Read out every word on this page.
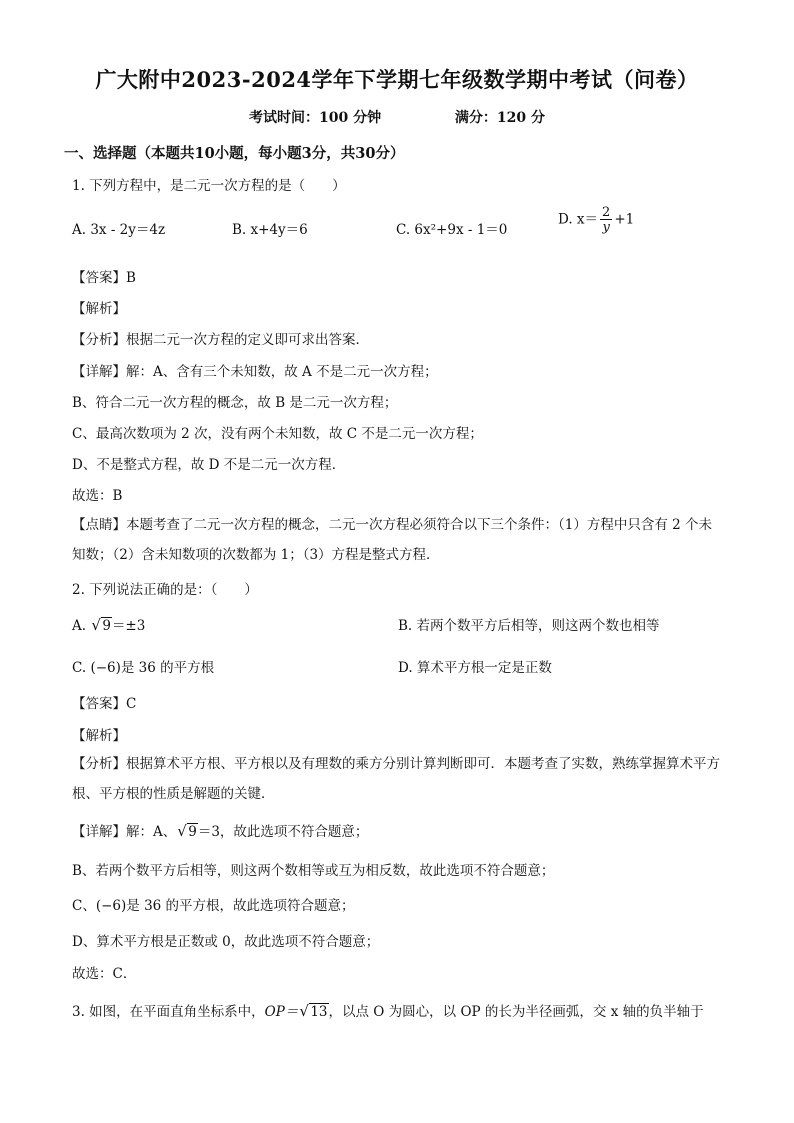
广大附中2023-2024学年下学期七年级数学期中考试（问卷）
考试时间：100 分钟	满分：120 分
一、选择题（本题共10小题，每小题3分，共30分）
1. 下列方程中，是二元一次方程的是（　　）
A. 3x - 2y＝4z	B. x+4y＝6	C. 6x²+9x - 1＝0
D. $x= \frac{2}{y} +1$
【答案】B
【解析】
【分析】根据二元一次方程的定义即可求出答案．
【详解】解：A、含有三个未知数，故 A 不是二元一次方程；
B、符合二元一次方程的概念，故 B 是二元一次方程；
C、最高次数项为 2 次，没有两个未知数，故 C 不是二元一次方程；
D、不是整式方程，故 D 不是二元一次方程．
故选：B
【点睛】本题考查了二元一次方程的概念，二元一次方程必须符合以下三个条件：（1）方程中只含有 2 个未知数；（2）含未知数项的次数都为 1；（3）方程是整式方程．
2. 下列说法正确的是：（　　）
A. √ 9＝±3	B. 若两个数平方后相等，则这两个数也相等
C. (−6)是 36 的平方根	D. 算术平方根一定是正数
【答案】C
【解析】
【分析】根据算术平方根、平方根以及有理数的乘方分别计算判断即可．本题考查了实数，熟练掌握算术平方根、平方根的性质是解题的关键．
【详解】解：A、 √ 9＝3，故此选项不符合题意；
B、若两个数平方后相等，则这两个数相等或互为相反数，故此选项不符合题意；
C、(−6)是 36 的平方根，故此选项符合题意；
D、算术平方根是正数或 0，故此选项不符合题意；
故选：C．
3. 如图，在平面直角坐标系中，OP＝ √ 13，以点 O 为圆心，以 OP 的长为半径画弧，交 x 轴的负半轴于
